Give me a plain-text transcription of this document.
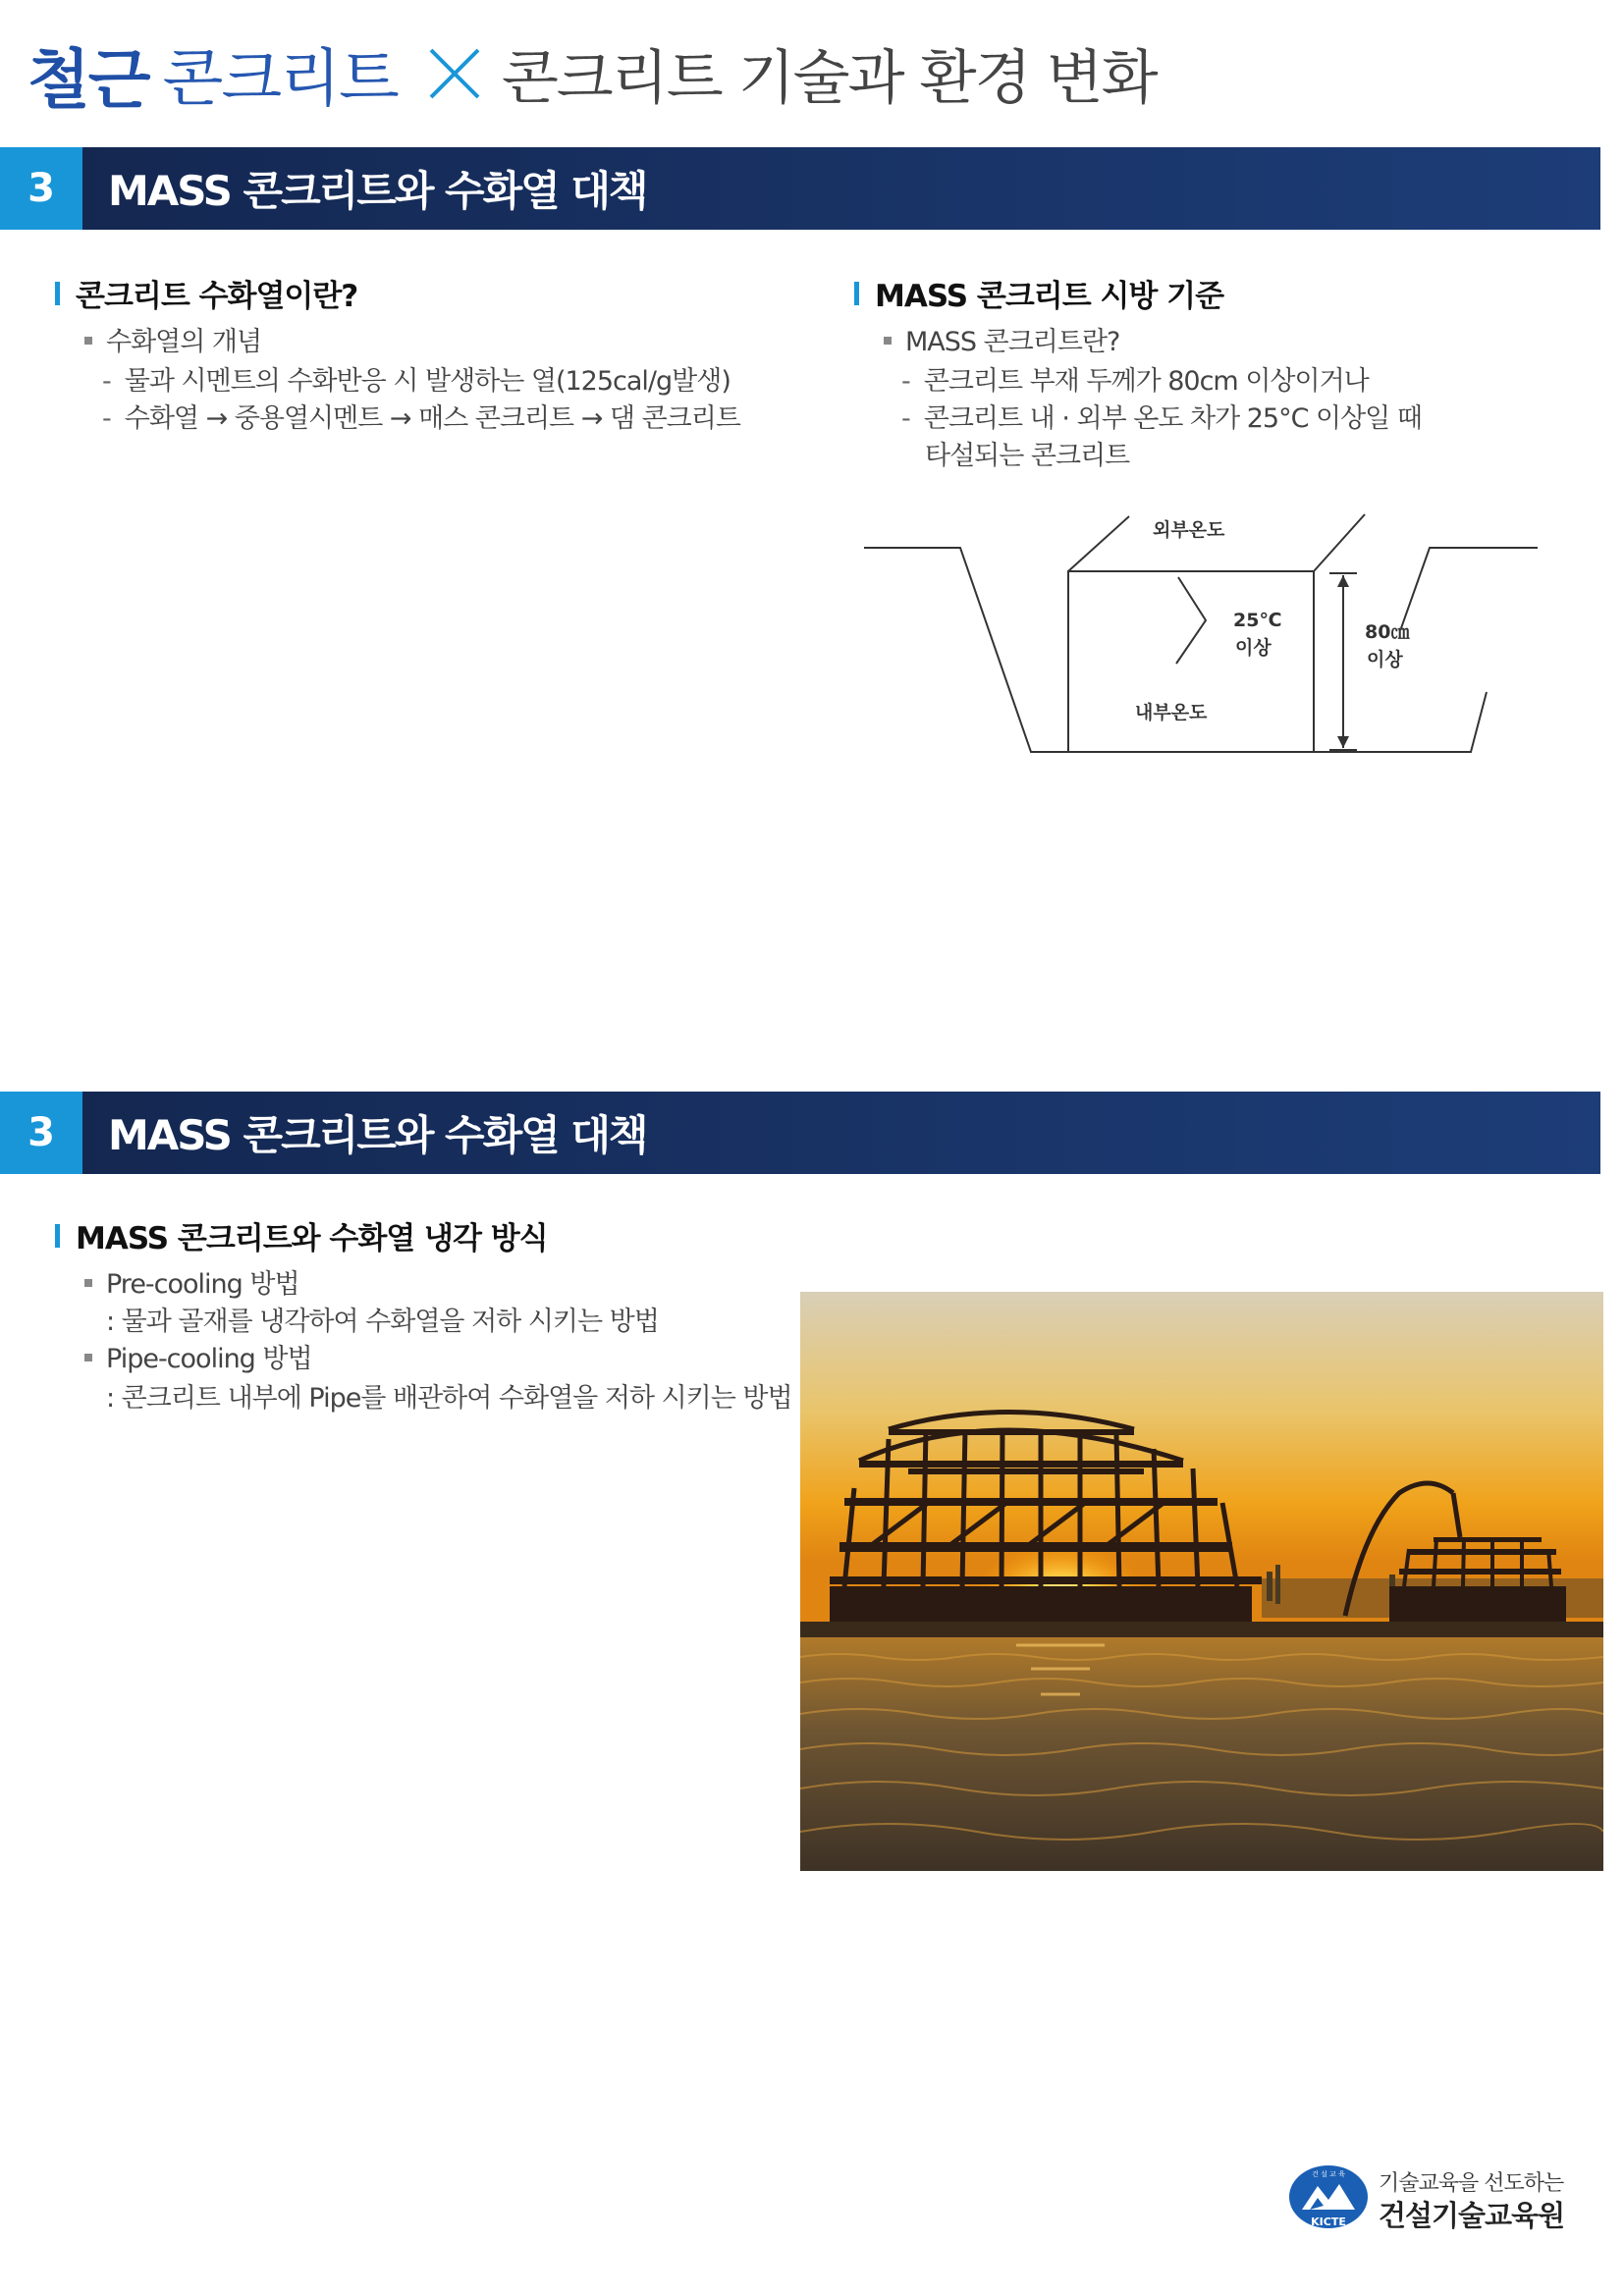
철근 콘크리트 콘크리트 기술과 환경 변화
3	MASS 콘크리트와 수화열 대책
콘크리트 수화열이란?
수화열의 개념
- 물과 시멘트의 수화반응 시 발생하는 열(125cal/g발생)
- 수화열 → 중용열시멘트 → 매스 콘크리트 → 댐 콘크리트
MASS 콘크리트 시방 기준
MASS 콘크리트란?
- 콘크리트 부재 두께가 80cm 이상이거나
- 콘크리트 내 · 외부 온도 차가 25°C 이상일 때
타설되는 콘크리트
외부온도
25℃
이상
내부온도
80㎝
이상
3	MASS 콘크리트와 수화열 대책
MASS 콘크리트와 수화열 냉각 방식
Pre-cooling 방법
: 물과 골재를 냉각하여 수화열을 저하 시키는 방법
Pipe-cooling 방법
: 콘크리트 내부에 Pipe를 배관하여 수화열을 저하 시키는 방법
KICTE
건 설 교 육 기술교육을 선도하는
건설기술교육원
